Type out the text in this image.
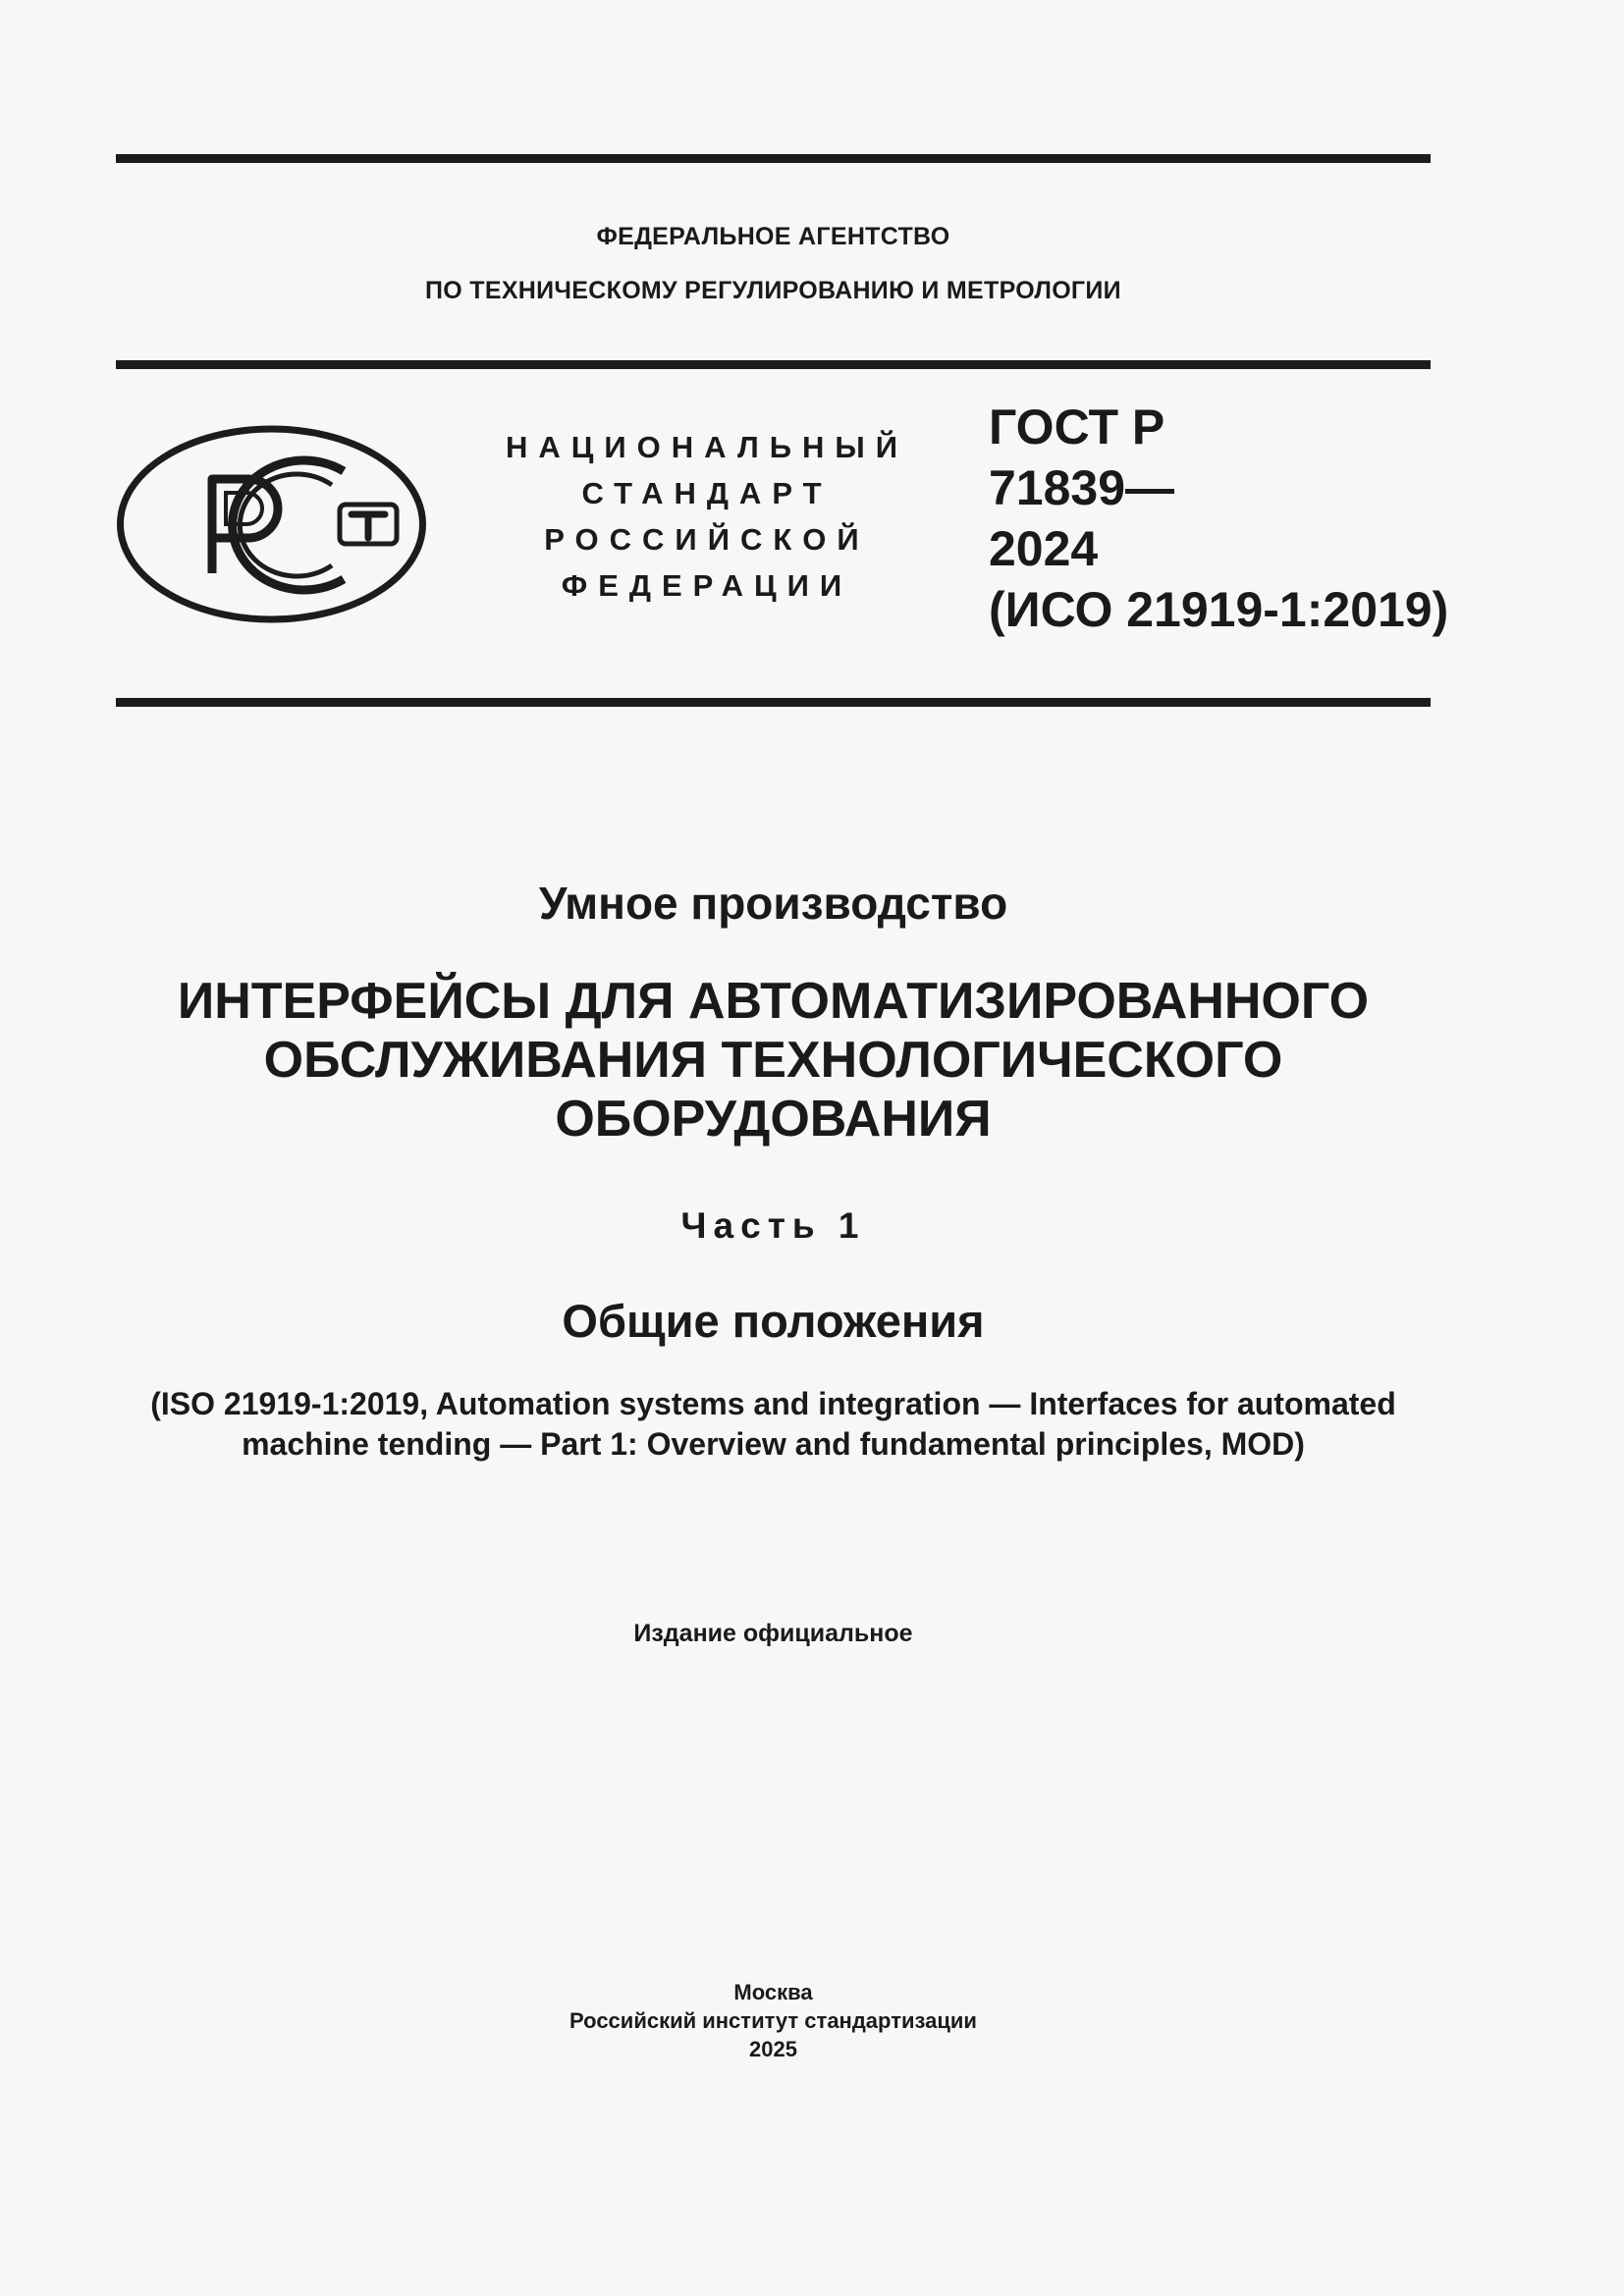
ФЕДЕРАЛЬНОЕ АГЕНТСТВО
ПО ТЕХНИЧЕСКОМУ РЕГУЛИРОВАНИЮ И МЕТРОЛОГИИ
НАЦИОНАЛЬНЫЙ
СТАНДАРТ
РОССИЙСКОЙ
ФЕДЕРАЦИИ
ГОСТ Р
71839—
2024
(ИСО 21919-1:2019)
Умное производство
ИНТЕРФЕЙСЫ ДЛЯ АВТОМАТИЗИРОВАННОГО
ОБСЛУЖИВАНИЯ ТЕХНОЛОГИЧЕСКОГО
ОБОРУДОВАНИЯ
Часть 1
Общие положения
(ISO 21919-1:2019, Automation systems and integration — Interfaces for automated
machine tending — Part 1: Overview and fundamental principles, MOD)
Издание официальное
Москва
Российский институт стандартизации
2025
